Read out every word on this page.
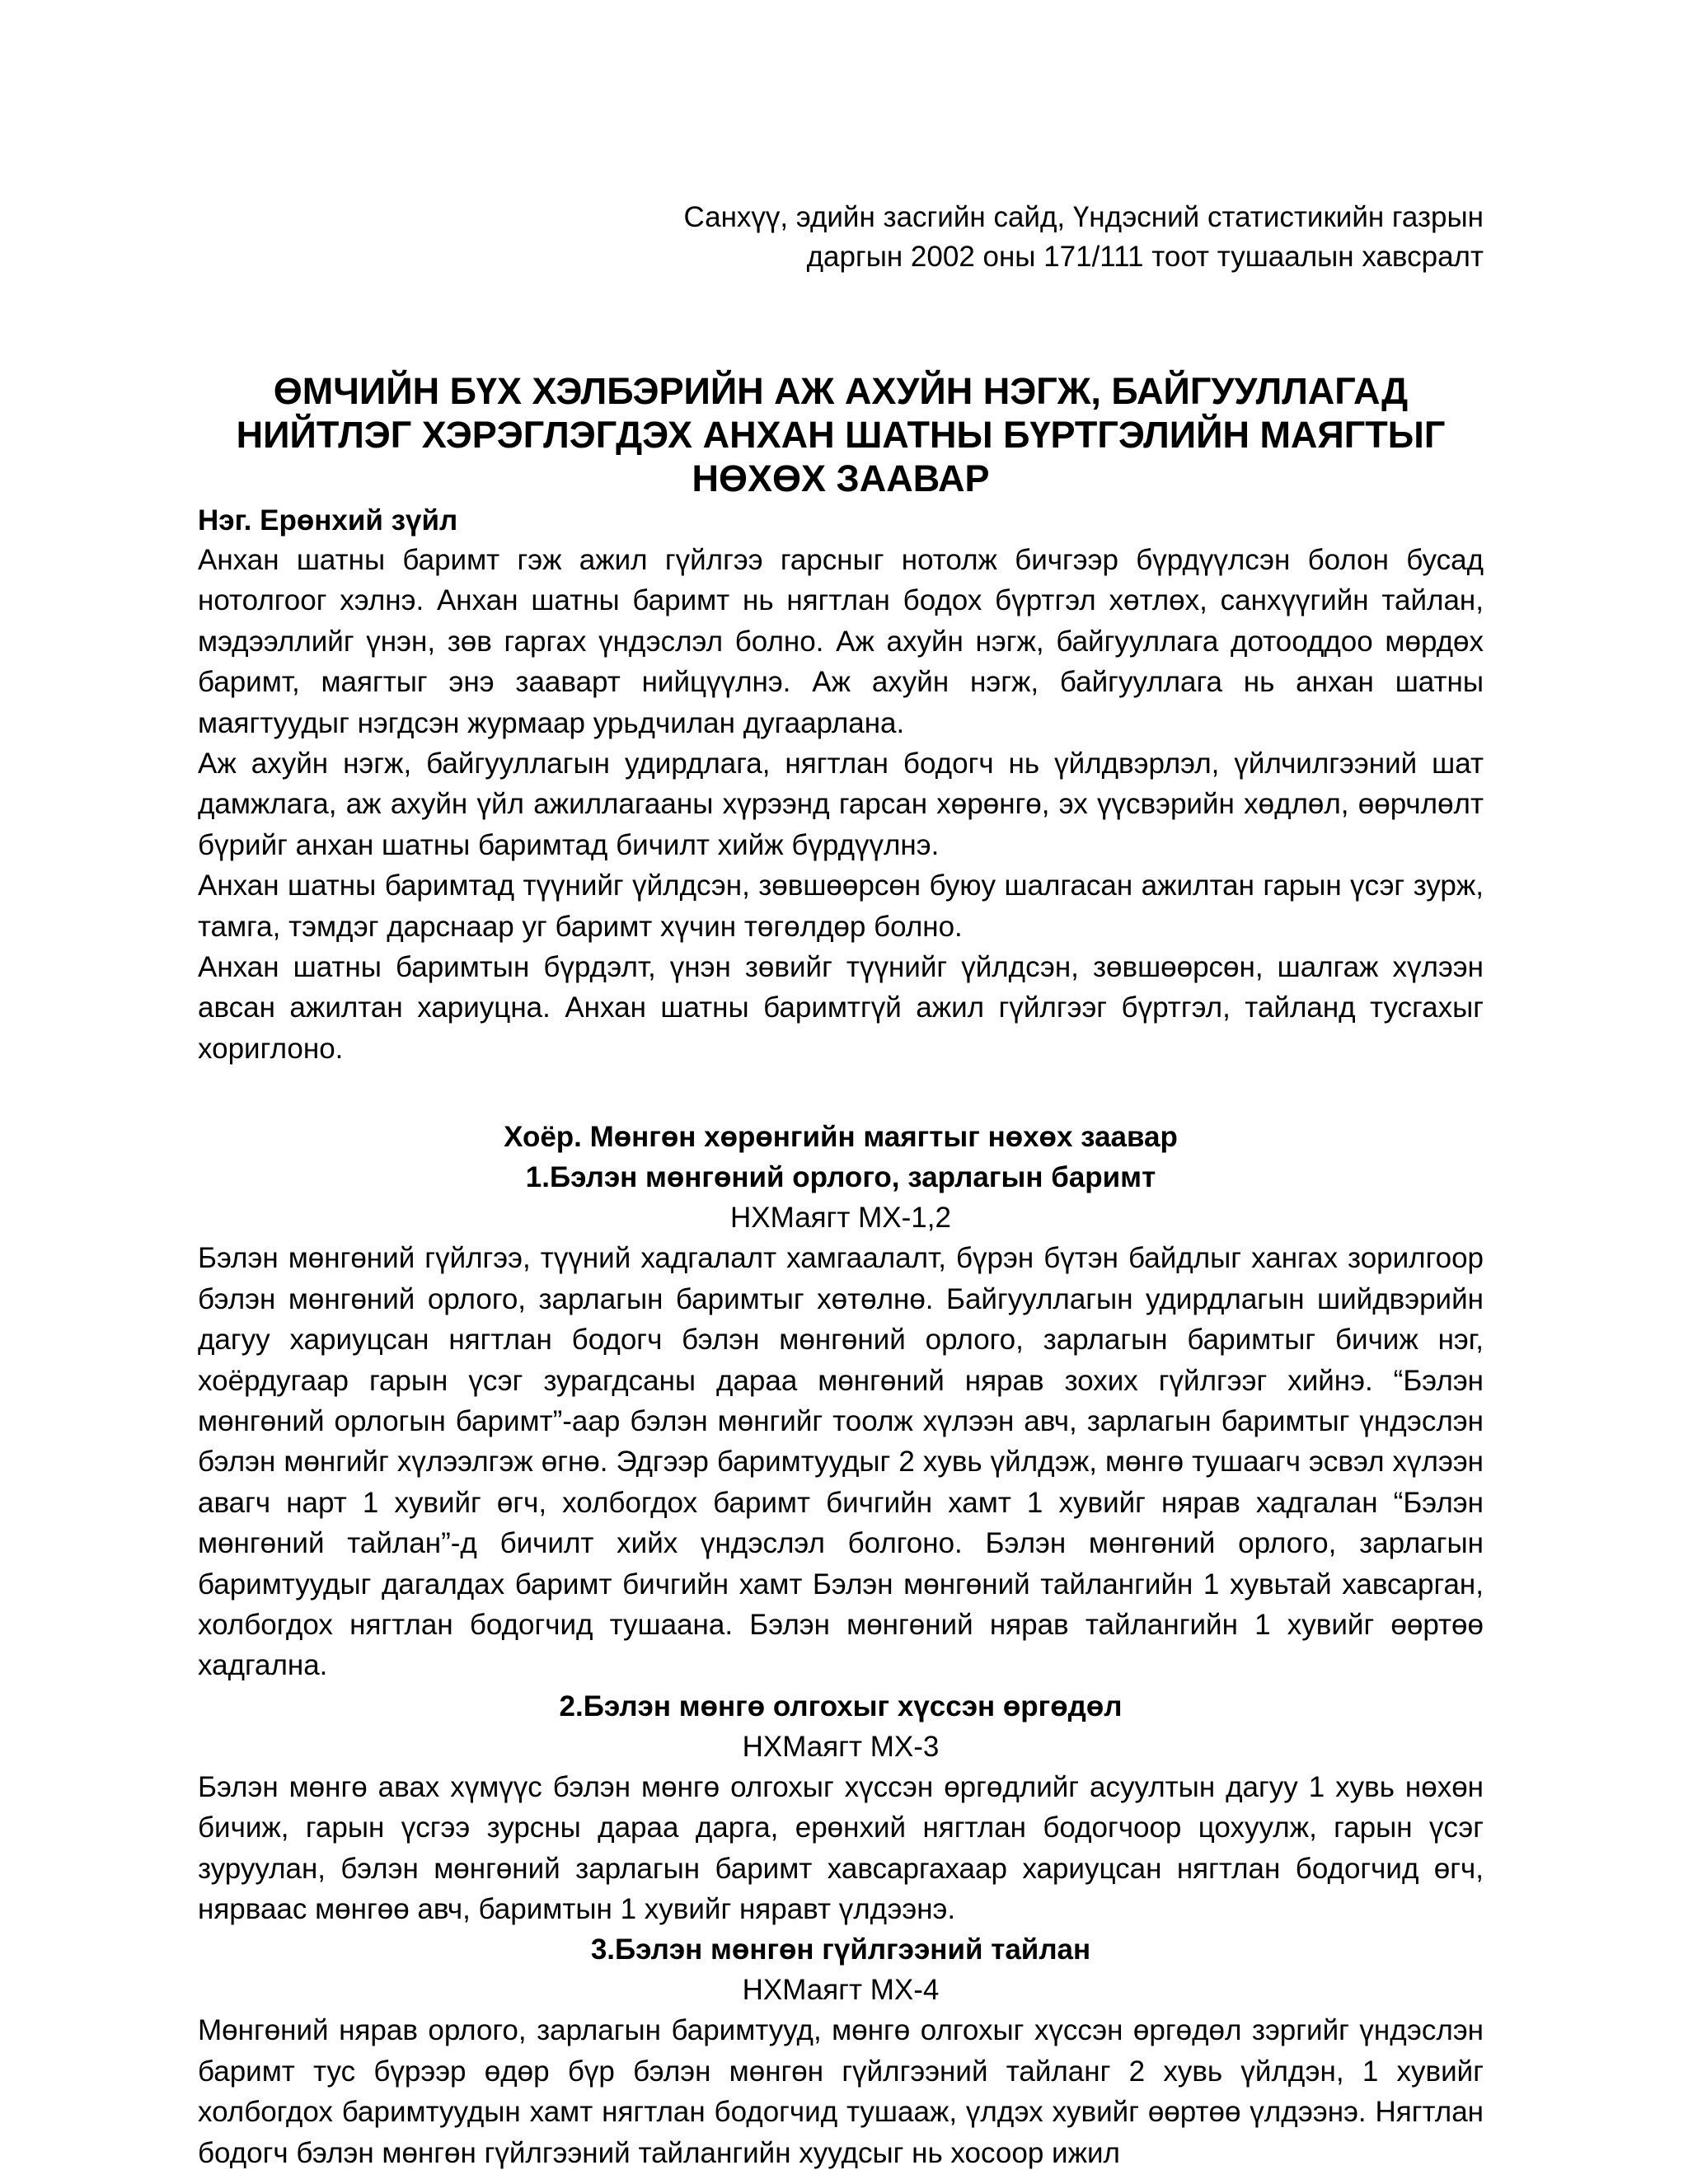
Санхүү, эдийн засгийн сайд, Үндэсний статистикийн газрын
даргын 2002 оны 171/111 тоот тушаалын хавсралт
ӨМЧИЙН БҮХ ХЭЛБЭРИЙН АЖ АХУЙН НЭГЖ, БАЙГУУЛЛАГАД
НИЙТЛЭГ ХЭРЭГЛЭГДЭХ АНХАН ШАТНЫ БҮРТГЭЛИЙН МАЯГТЫГ
НӨХӨХ ЗААВАР
Нэг. Ерөнхий зүйл

Анхан шатны баримт гэж ажил гүйлгээ гарсныг нотолж бичгээр бүрдүүлсэн болон бусад нотолгоог хэлнэ. Анхан шатны баримт нь нягтлан бодох бүртгэл хөтлөх, санхүүгийн тайлан, мэдээллийг үнэн, зөв гаргах үндэслэл болно. Аж ахуйн нэгж, байгууллага дотооддоо мөрдөх баримт, маягтыг энэ зааварт нийцүүлнэ. Аж ахуйн нэгж, байгууллага нь анхан шатны маягтуудыг нэгдсэн журмаар урьдчилан дугаарлана.

Аж ахуйн нэгж, байгууллагын удирдлага, нягтлан бодогч нь үйлдвэрлэл, үйлчилгээний шат дамжлага, аж ахуйн үйл ажиллагааны хүрээнд гарсан хөрөнгө, эх үүсвэрийн хөдлөл, өөрчлөлт бүрийг анхан шатны баримтад бичилт хийж бүрдүүлнэ.

Анхан шатны баримтад түүнийг үйлдсэн, зөвшөөрсөн буюу шалгасан ажилтан гарын үсэг зурж, тамга, тэмдэг дарснаар уг баримт хүчин төгөлдөр болно.

Анхан шатны баримтын бүрдэлт, үнэн зөвийг түүнийг үйлдсэн, зөвшөөрсөн, шалгаж хүлээн авсан ажилтан хариуцна. Анхан шатны баримтгүй ажил гүйлгээг бүртгэл, тайланд тусгахыг хориглоно.

Хоёр. Мөнгөн хөрөнгийн маягтыг нөхөх заавар
1.Бэлэн мөнгөний орлого, зарлагын баримт
НХМаягт МХ-1,2

Бэлэн мөнгөний гүйлгээ, түүний хадгалалт хамгаалалт, бүрэн бүтэн байдлыг хангах зорилгоор бэлэн мөнгөний орлого, зарлагын баримтыг хөтөлнө. Байгууллагын удирдлагын шийдвэрийн дагуу хариуцсан нягтлан бодогч бэлэн мөнгөний орлого, зарлагын баримтыг бичиж нэг, хоёрдугаар гарын үсэг зурагдсаны дараа мөнгөний нярав зохих гүйлгээг хийнэ. “Бэлэн мөнгөний орлогын баримт”-аар бэлэн мөнгийг тоолж хүлээн авч, зарлагын баримтыг үндэслэн бэлэн мөнгийг хүлээлгэж өгнө. Эдгээр баримтуудыг 2 хувь үйлдэж, мөнгө тушаагч эсвэл хүлээн авагч нарт 1 хувийг өгч, холбогдох баримт бичгийн хамт 1 хувийг нярав хадгалан “Бэлэн мөнгөний тайлан”-д бичилт хийх үндэслэл болгоно. Бэлэн мөнгөний орлого, зарлагын баримтуудыг дагалдах баримт бичгийн хамт Бэлэн мөнгөний тайлангийн 1 хувьтай хавсарган, холбогдох нягтлан бодогчид тушаана. Бэлэн мөнгөний нярав тайлангийн 1 хувийг өөртөө хадгална.

2.Бэлэн мөнгө олгохыг хүссэн өргөдөл
НХМаягт МХ-3

Бэлэн мөнгө авах хүмүүс бэлэн мөнгө олгохыг хүссэн өргөдлийг асуултын дагуу 1 хувь нөхөн бичиж, гарын үсгээ зурсны дараа дарга, ерөнхий нягтлан бодогчоор цохуулж, гарын үсэг зуруулан, бэлэн мөнгөний зарлагын баримт хавсаргахаар хариуцсан нягтлан бодогчид өгч, нярваас мөнгөө авч, баримтын 1 хувийг няравт үлдээнэ.

3.Бэлэн мөнгөн гүйлгээний тайлан
НХМаягт МХ-4

Мөнгөний нярав орлого, зарлагын баримтууд, мөнгө олгохыг хүссэн өргөдөл зэргийг үндэслэн баримт тус бүрээр өдөр бүр бэлэн мөнгөн гүйлгээний тайланг 2 хувь үйлдэн, 1 хувийг холбогдох баримтуудын хамт нягтлан бодогчид тушааж, үлдэх хувийг өөртөө үлдээнэ. Нягтлан бодогч бэлэн мөнгөн гүйлгээний тайлангийн хуудсыг нь хосоор ижил
